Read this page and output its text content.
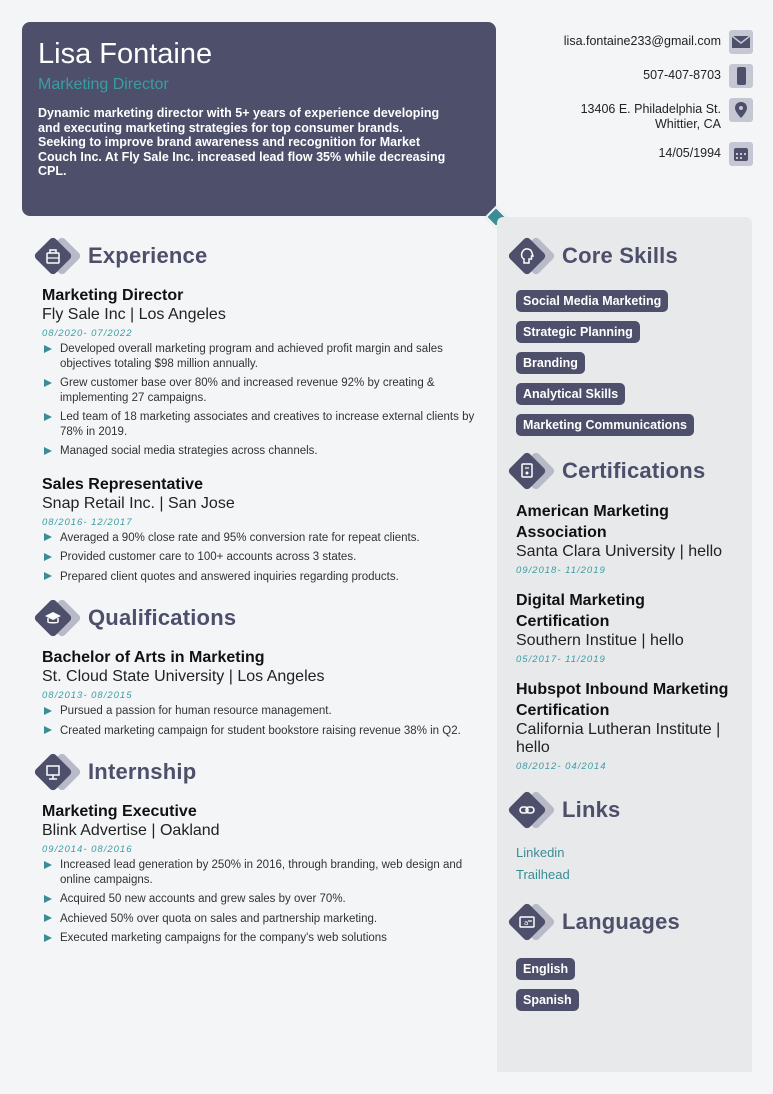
Lisa Fontaine
Marketing Director
Dynamic marketing director with 5+ years of experience developing and executing marketing strategies for top consumer brands. Seeking to improve brand awareness and recognition for Market Couch Inc. At Fly Sale Inc. increased lead flow 35% while decreasing CPL.
lisa.fontaine233@gmail.com
507-407-8703
13406 E. Philadelphia St.
Whittier, CA
14/05/1994
Experience
Marketing Director
Fly Sale Inc | Los Angeles
08/2020- 07/2022
Developed overall marketing program and achieved profit margin and sales objectives totaling $98 million annually.
Grew customer base over 80% and increased revenue 92% by creating & implementing 27 campaigns.
Led team of 18 marketing associates and creatives to increase external clients by 78% in 2019.
Managed social media strategies across channels.
Sales Representative
Snap Retail Inc. | San Jose
08/2016- 12/2017
Averaged a 90% close rate and 95% conversion rate for repeat clients.
Provided customer care to 100+ accounts across 3 states.
Prepared client quotes and answered inquiries regarding products.
Qualifications
Bachelor of Arts in Marketing
St. Cloud State University | Los Angeles
08/2013- 08/2015
Pursued a passion for human resource management.
Created marketing campaign for student bookstore raising revenue 38% in Q2.
Internship
Marketing Executive
Blink Advertise | Oakland
09/2014- 08/2016
Increased lead generation by 250% in 2016, through branding, web design and online campaigns.
Acquired 50 new accounts and grew sales by over 70%.
Achieved 50% over quota on sales and partnership marketing.
Executed marketing campaigns for the company's web solutions
Core Skills
Social Media Marketing
Strategic Planning
Branding
Analytical Skills
Marketing Communications
Certifications
American Marketing Association
Santa Clara University | hello
09/2018- 11/2019
Digital Marketing Certification
Southern Institue | hello
05/2017- 11/2019
Hubspot Inbound Marketing Certification
California Lutheran Institute | hello
08/2012- 04/2014
Links
Linkedin
Trailhead
a Languages
English
Spanish
